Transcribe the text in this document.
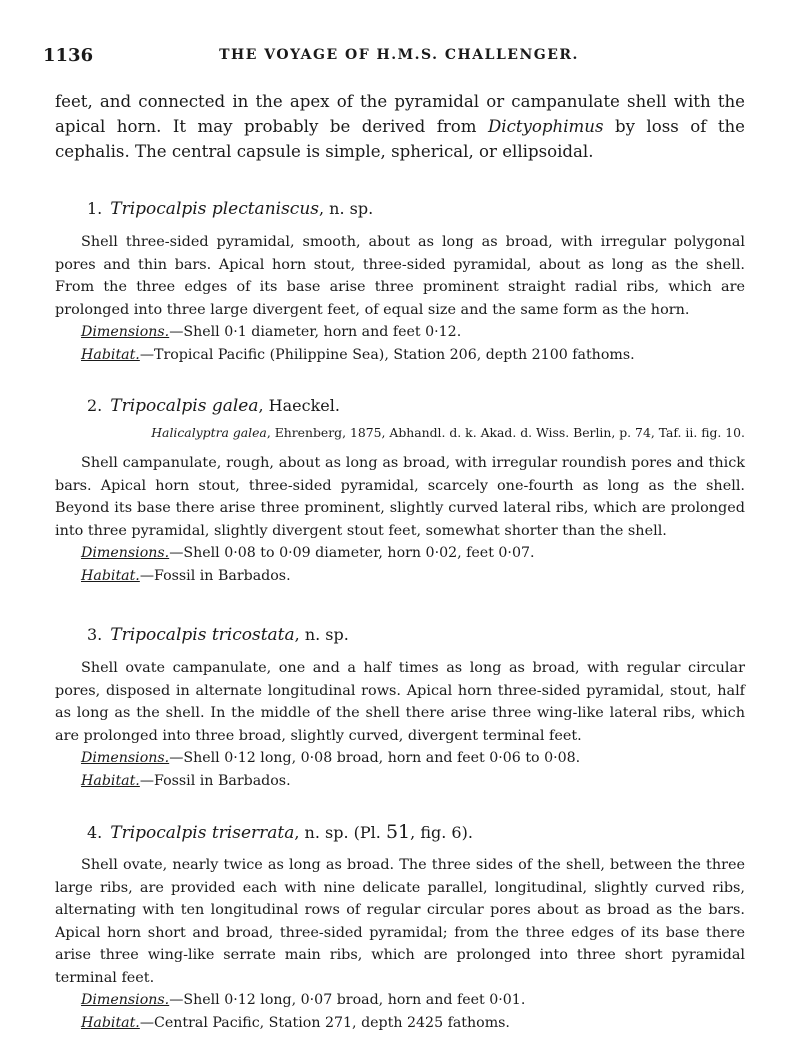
1136	THE VOYAGE OF H.M.S. CHALLENGER.

feet, and connected in the apex of the pyramidal or campanulate shell with the apical horn. It may probably be derived from Dictyophimus by loss of the cephalis. The central capsule is simple, spherical, or ellipsoidal.

1. Tripocalpis plectaniscus, n. sp.
Shell three-sided pyramidal, smooth, about as long as broad, with irregular polygonal pores and thin bars. Apical horn stout, three-sided pyramidal, about as long as the shell. From the three edges of its base arise three prominent straight radial ribs, which are prolonged into three large divergent feet, of equal size and the same form as the horn.
Dimensions.—Shell 0·1 diameter, horn and feet 0·12.
Habitat.—Tropical Pacific (Philippine Sea), Station 206, depth 2100 fathoms.
2. Tripocalpis galea, Haeckel.
Halicalyptra galea, Ehrenberg, 1875, Abhandl. d. k. Akad. d. Wiss. Berlin, p. 74, Taf. ii. fig. 10.
Shell campanulate, rough, about as long as broad, with irregular roundish pores and thick bars. Apical horn stout, three-sided pyramidal, scarcely one-fourth as long as the shell. Beyond its base there arise three prominent, slightly curved lateral ribs, which are prolonged into three pyramidal, slightly divergent stout feet, somewhat shorter than the shell.
Dimensions.—Shell 0·08 to 0·09 diameter, horn 0·02, feet 0·07.
Habitat.—Fossil in Barbados.
3. Tripocalpis tricostata, n. sp.
Shell ovate campanulate, one and a half times as long as broad, with regular circular pores, disposed in alternate longitudinal rows. Apical horn three-sided pyramidal, stout, half as long as the shell. In the middle of the shell there arise three wing-like lateral ribs, which are prolonged into three broad, slightly curved, divergent terminal feet.
Dimensions.—Shell 0·12 long, 0·08 broad, horn and feet 0·06 to 0·08.
Habitat.—Fossil in Barbados.
4. Tripocalpis triserrata, n. sp. (Pl. 51, fig. 6).
Shell ovate, nearly twice as long as broad. The three sides of the shell, between the three large ribs, are provided each with nine delicate parallel, longitudinal, slightly curved ribs, alternating with ten longitudinal rows of regular circular pores about as broad as the bars. Apical horn short and broad, three-sided pyramidal; from the three edges of its base there arise three wing-like serrate main ribs, which are prolonged into three short pyramidal terminal feet.
Dimensions.—Shell 0·12 long, 0·07 broad, horn and feet 0·01.
Habitat.—Central Pacific, Station 271, depth 2425 fathoms.
